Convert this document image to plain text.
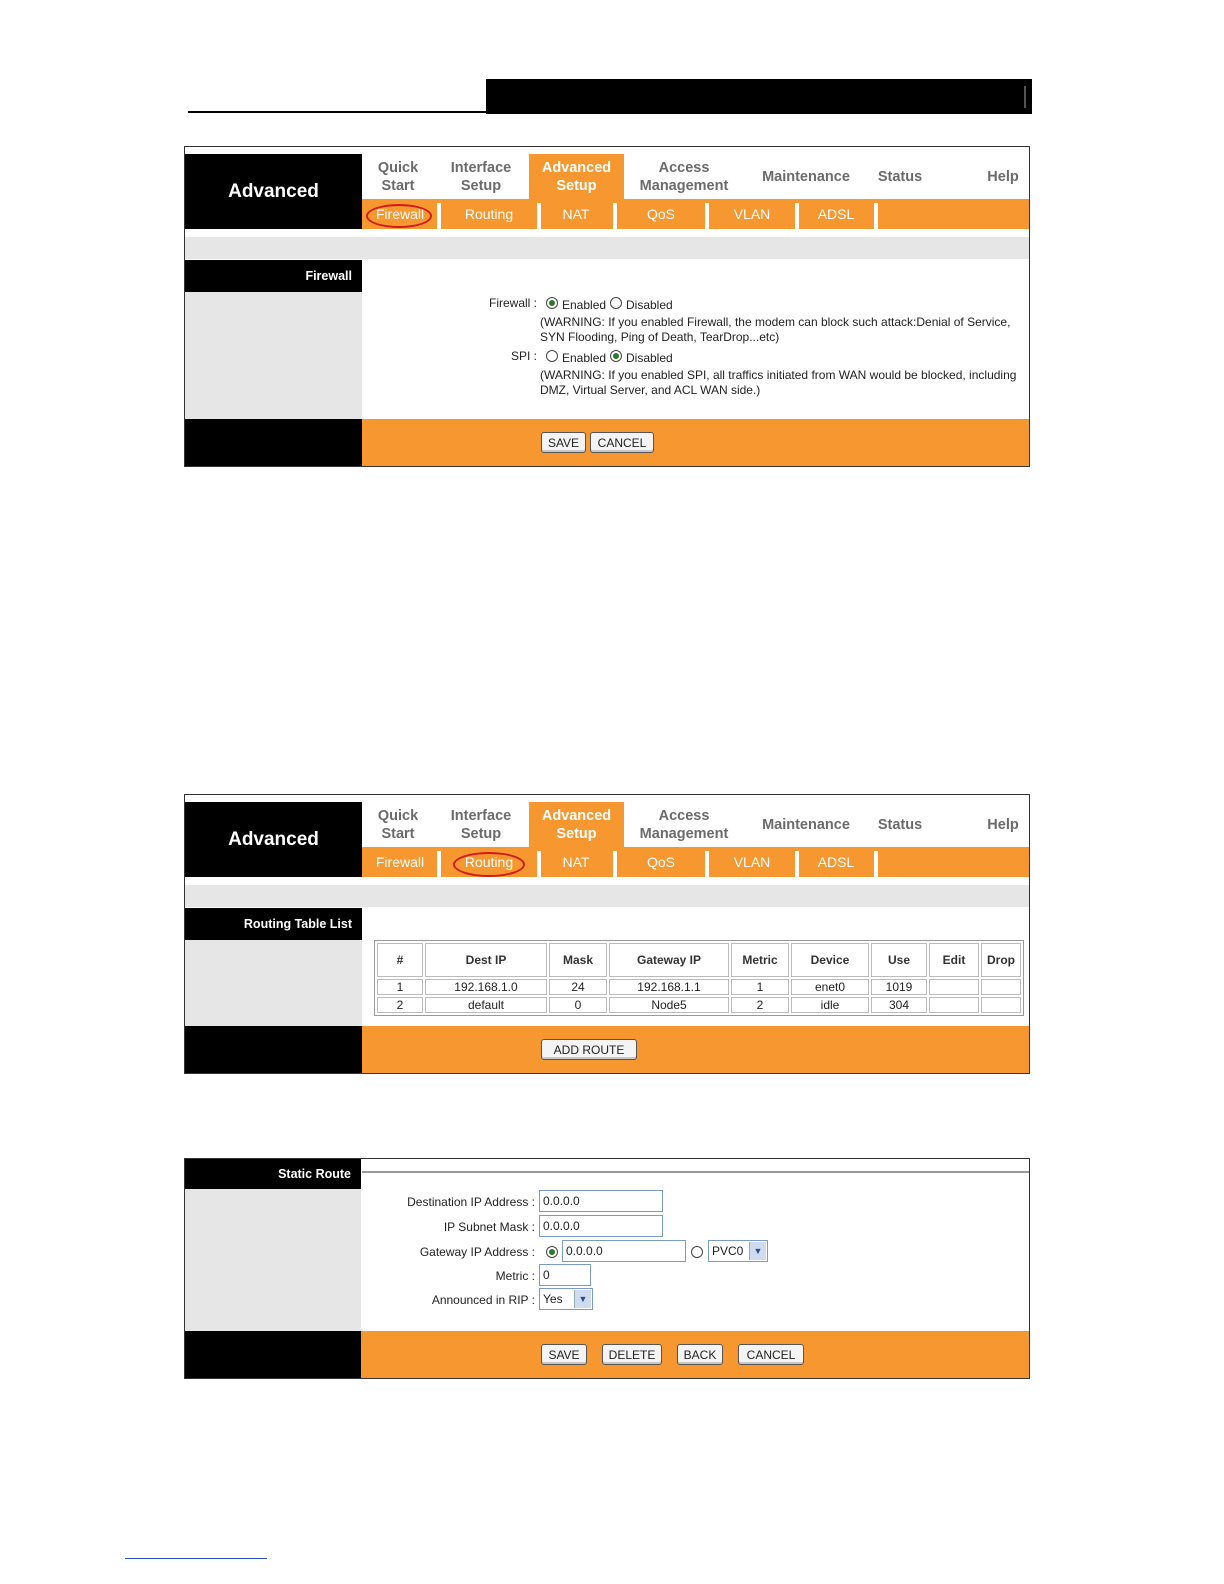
Advanced
Quick
Start
Interface
Setup
Advanced
Setup
Access
Management
Maintenance Status	Help
Firewall	Routing	NAT	QoS	VLAN	ADSL
Firewall
Firewall : Enabled Disabled
(WARNING: If you enabled Firewall, the modem can block such attack:Denial of Service,
SYN Flooding, Ping of Death, TearDrop...etc)
SPI : Enabled Disabled
(WARNING: If you enabled SPI, all traffics initiated from WAN would be blocked, including
DMZ, Virtual Server, and ACL WAN side.)
SAVE	CANCEL
Advanced
Quick
Start
Interface
Setup
Advanced
Setup
Access
Management
Maintenance Status	Help
Firewall	Routing	NAT	QoS	VLAN	ADSL
Routing Table List
#	Dest IP	Mask	Gateway IP	Metric	Device	Use	Edit	Drop
1	192.168.1.0	24	192.168.1.1	1	enet0	1019		
2	default	0	Node5	2	idle	304		
ADD ROUTE
Static Route
Destination IP Address :
0.0.0.0
IP Subnet Mask :
0.0.0.0
Gateway IP Address :
0.0.0.0	PVC0	▼
Metric :
0
Announced in RIP : Yes	▼
SAVE	DELETE	BACK	CANCEL
